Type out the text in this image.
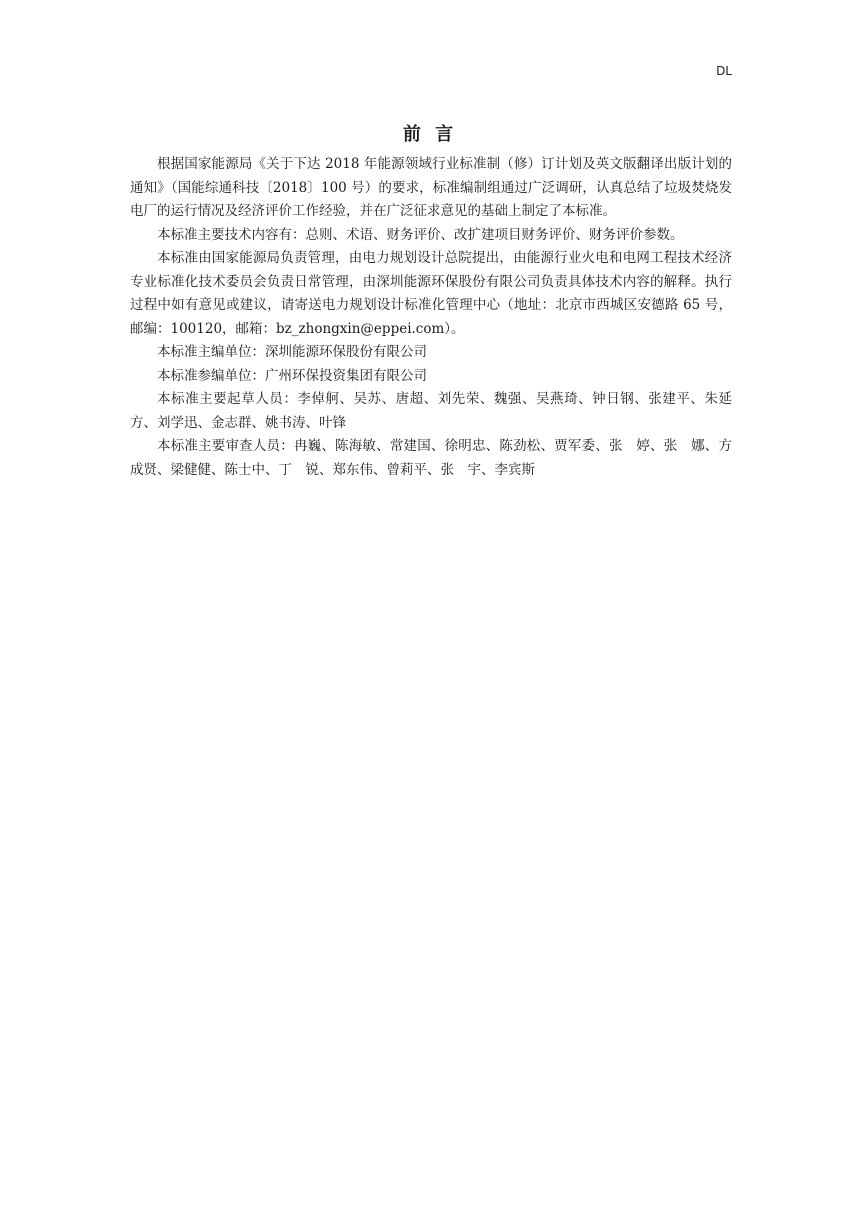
DL
前 言

根据国家能源局《关于下达 2018 年能源领域行业标准制（修）订计划及英文版翻译出版计划的通知》（国能综通科技〔2018〕100 号）的要求，标准编制组通过广泛调研，认真总结了垃圾焚烧发电厂的运行情况及经济评价工作经验，并在广泛征求意见的基础上制定了本标准。

本标准主要技术内容有：总则、术语、财务评价、改扩建项目财务评价、财务评价参数。

本标准由国家能源局负责管理，由电力规划设计总院提出，由能源行业火电和电网工程技术经济专业标准化技术委员会负责日常管理，由深圳能源环保股份有限公司负责具体技术内容的解释。执行过程中如有意见或建议，请寄送电力规划设计标准化管理中心（地址：北京市西城区安德路 65 号，邮编：100120，邮箱：bz_zhongxin@eppei.com）。

本标准主编单位：深圳能源环保股份有限公司

本标准参编单位：广州环保投资集团有限公司

本标准主要起草人员：李倬舸、吴苏、唐超、刘先荣、魏强、吴燕琦、钟日钢、张建平、朱延方、刘学迅、金志群、姚书涛、叶锋

本标准主要审查人员：冉巍、陈海敏、常建国、徐明忠、陈劲松、贾军委、张　婷、张　娜、方成贤、梁健健、陈士中、丁　锐、郑东伟、曾莉平、张　宇、李宾斯
